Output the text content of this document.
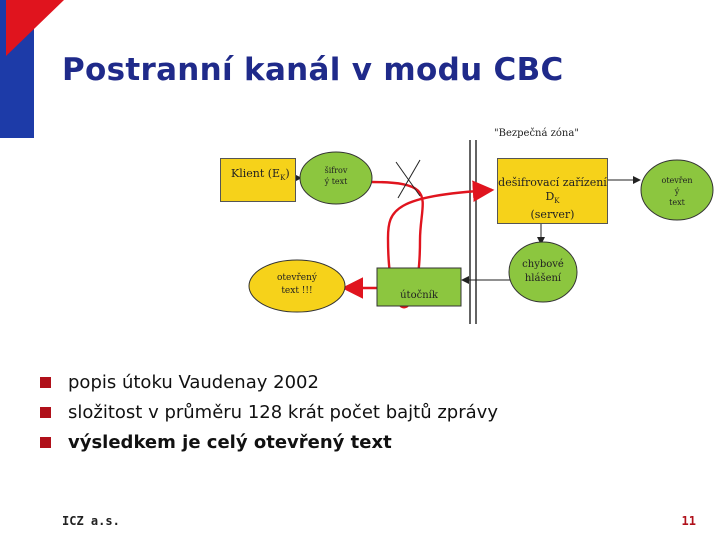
Postranní kanál v modu CBC
"Bezpečná zóna"
Klient $(E_K)$	šifrov
ý text	dešifrovací zařízení
$D_K$
(server)
otevřen
ý
text
otevřený
text !!!	útočník
chybové
hlášení
popis útoku Vaudenay 2002
složitost v průměru 128 krát počet bajtů zprávy
výsledkem je celý otevřený text
ICZ a.s.	11
